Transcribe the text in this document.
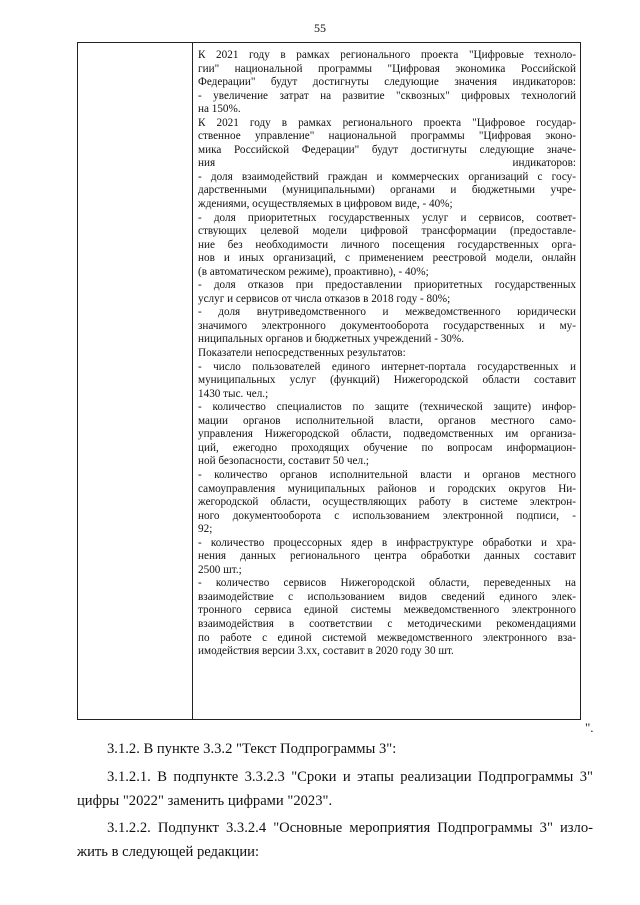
55
К 2021 году в рамках регионального проекта "Цифровые техноло-
гии" национальной программы "Цифровая экономика Российской
Федерации" будут достигнуты следующие значения индикаторов:
- увеличение затрат на развитие "сквозных" цифровых технологий
на 150%.
К 2021 году в рамках регионального проекта "Цифровое государ-
ственное управление" национальной программы "Цифровая эконо-
мика Российской Федерации" будут достигнуты следующие значе-
ния индикаторов:
- доля взаимодействий граждан и коммерческих организаций с госу-
дарственными (муниципальными) органами и бюджетными учре-
ждениями, осуществляемых в цифровом виде, - 40%;
- доля приоритетных государственных услуг и сервисов, соответ-
ствующих целевой модели цифровой трансформации (предоставле-
ние без необходимости личного посещения государственных орга-
нов и иных организаций, с применением реестровой модели, онлайн
(в автоматическом режиме), проактивно), - 40%;
- доля отказов при предоставлении приоритетных государственных
услуг и сервисов от числа отказов в 2018 году - 80%;
- доля внутриведомственного и межведомственного юридически
значимого электронного документооборота государственных и му-
ниципальных органов и бюджетных учреждений - 30%.
Показатели непосредственных результатов:
- число пользователей единого интернет-портала государственных и
муниципальных услуг (функций) Нижегородской области составит
1430 тыс. чел.;
- количество специалистов по защите (технической защите) инфор-
мации органов исполнительной власти, органов местного само-
управления Нижегородской области, подведомственных им организа-
ций, ежегодно проходящих обучение по вопросам информацион-
ной безопасности, составит 50 чел.;
- количество органов исполнительной власти и органов местного
самоуправления муниципальных районов и городских округов Ни-
жегородской области, осуществляющих работу в системе электрон-
ного документооборота с использованием электронной подписи, -
92;
- количество процессорных ядер в инфраструктуре обработки и хра-
нения данных регионального центра обработки данных составит
2500 шт.;
- количество сервисов Нижегородской области, переведенных на
взаимодействие с использованием видов сведений единого элек-
тронного сервиса единой системы межведомственного электронного
взаимодействия в соответствии с методическими рекомендациями
по работе с единой системой межведомственного электронного вза-
имодействия версии 3.хх, составит в 2020 году 30 шт.
".
3.1.2. В пункте 3.3.2 "Текст Подпрограммы 3":
3.1.2.1. В подпункте 3.3.2.3 "Сроки и этапы реализации Подпрограммы 3"
цифры "2022" заменить цифрами "2023".
3.1.2.2. Подпункт 3.3.2.4 "Основные мероприятия Подпрограммы 3" изло-
жить в следующей редакции:
